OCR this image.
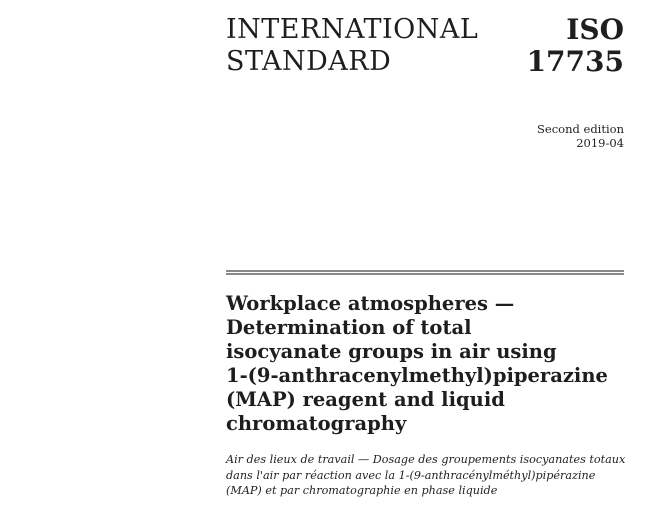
INTERNATIONAL
STANDARD
ISO
17735
Second edition
2019-04
Workplace atmospheres —
Determination of total
isocyanate groups in air using
1-(9-anthracenylmethyl)piperazine
(MAP) reagent and liquid
chromatography
Air des lieux de travail — Dosage des groupements isocyanates totaux
dans l'air par réaction avec la 1-(9-anthracénylméthyl)pipérazine
(MAP) et par chromatographie en phase liquide
